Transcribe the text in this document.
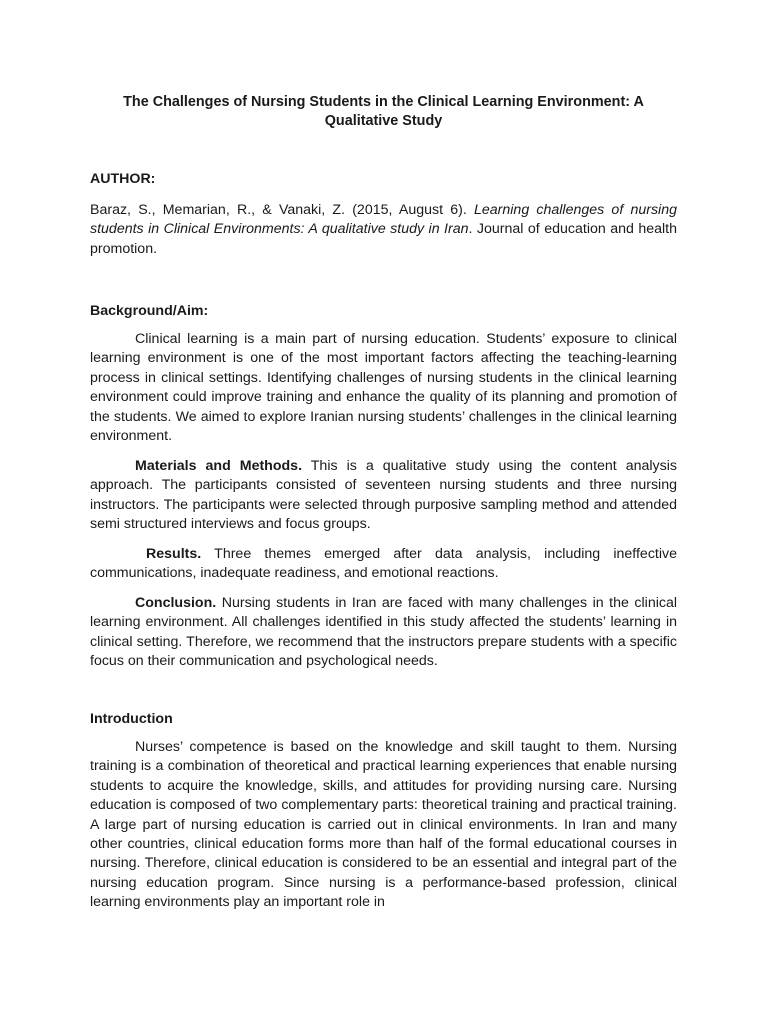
The Challenges of Nursing Students in the Clinical Learning Environment: A Qualitative Study

AUTHOR:

Baraz, S., Memarian, R., & Vanaki, Z. (2015, August 6). Learning challenges of nursing students in Clinical Environments: A qualitative study in Iran. Journal of education and health promotion.

Background/Aim:

Clinical learning is a main part of nursing education. Students’ exposure to clinical learning environment is one of the most important factors affecting the teaching-learning process in clinical settings. Identifying challenges of nursing students in the clinical learning environment could improve training and enhance the quality of its planning and promotion of the students. We aimed to explore Iranian nursing students’ challenges in the clinical learning environment.

Materials and Methods. This is a qualitative study using the content analysis approach. The participants consisted of seventeen nursing students and three nursing instructors. The participants were selected through purposive sampling method and attended semi structured interviews and focus groups.

Results. Three themes emerged after data analysis, including ineffective communications, inadequate readiness, and emotional reactions.

Conclusion. Nursing students in Iran are faced with many challenges in the clinical learning environment. All challenges identified in this study affected the students’ learning in clinical setting. Therefore, we recommend that the instructors prepare students with a specific focus on their communication and psychological needs.

Introduction

Nurses’ competence is based on the knowledge and skill taught to them. Nursing training is a combination of theoretical and practical learning experiences that enable nursing students to acquire the knowledge, skills, and attitudes for providing nursing care. Nursing education is composed of two complementary parts: theoretical training and practical training. A large part of nursing education is carried out in clinical environments. In Iran and many other countries, clinical education forms more than half of the formal educational courses in nursing. Therefore, clinical education is considered to be an essential and integral part of the nursing education program. Since nursing is a performance-based profession, clinical learning environments play an important role in
